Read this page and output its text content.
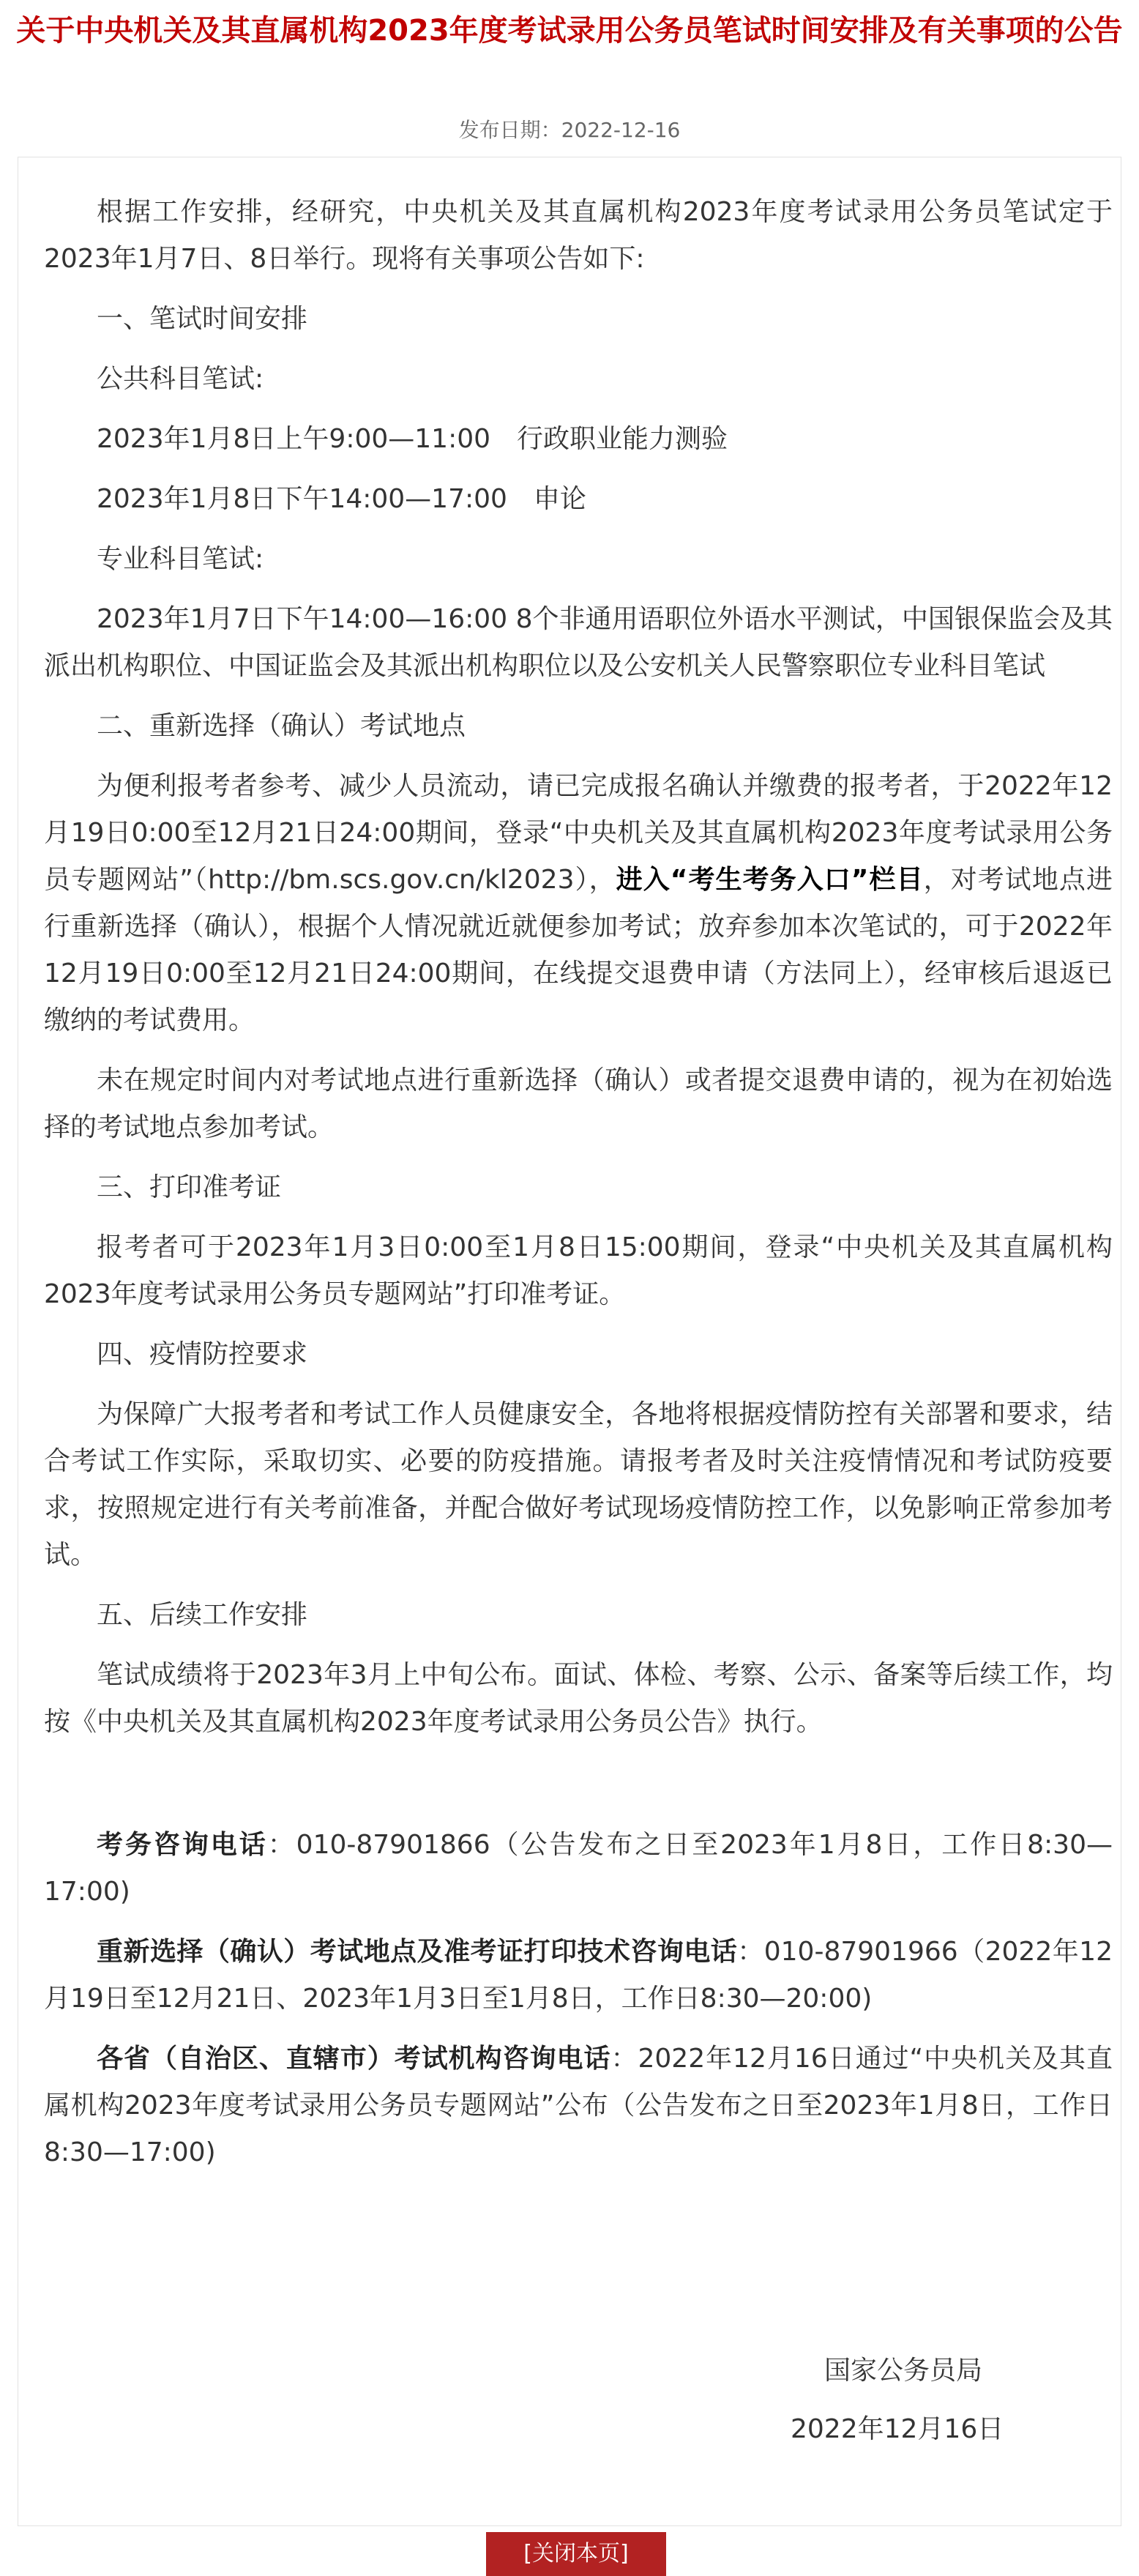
关于中央机关及其直属机构2023年度考试录用公务员笔试时间安排及有关事项的公告
发布日期：2022-12-16

根据工作安排，经研究，中央机关及其直属机构2023年度考试录用公务员笔试定于2023年1月7日、8日举行。现将有关事项公告如下:

一、笔试时间安排

公共科目笔试:

2023年1月8日上午9:00—11:00　行政职业能力测验

2023年1月8日下午14:00—17:00　申论

专业科目笔试:

2023年1月7日下午14:00—16:00 8个非通用语职位外语水平测试，中国银保监会及其派出机构职位、中国证监会及其派出机构职位以及公安机关人民警察职位专业科目笔试

二、重新选择（确认）考试地点

为便利报考者参考、减少人员流动，请已完成报名确认并缴费的报考者，于2022年12月19日0:00至12月21日24:00期间，登录“中央机关及其直属机构2023年度考试录用公务员专题网站”（http://bm.scs.gov.cn/kl2023），进入“考生考务入口”栏目，对考试地点进行重新选择（确认），根据个人情况就近就便参加考试；放弃参加本次笔试的，可于2022年12月19日0:00至12月21日24:00期间，在线提交退费申请（方法同上），经审核后退返已缴纳的考试费用。

未在规定时间内对考试地点进行重新选择（确认）或者提交退费申请的，视为在初始选择的考试地点参加考试。

三、打印准考证

报考者可于2023年1月3日0:00至1月8日15:00期间，登录“中央机关及其直属机构2023年度考试录用公务员专题网站”打印准考证。

四、疫情防控要求

为保障广大报考者和考试工作人员健康安全，各地将根据疫情防控有关部署和要求，结合考试工作实际，采取切实、必要的防疫措施。请报考者及时关注疫情情况和考试防疫要求，按照规定进行有关考前准备，并配合做好考试现场疫情防控工作，以免影响正常参加考试。

五、后续工作安排

笔试成绩将于2023年3月上中旬公布。面试、体检、考察、公示、备案等后续工作，均按《中央机关及其直属机构2023年度考试录用公务员公告》执行。

考务咨询电话：010-87901866（公告发布之日至2023年1月8日，工作日8:30—17:00)

重新选择（确认）考试地点及准考证打印技术咨询电话：010-87901966（2022年12月19日至12月21日、2023年1月3日至1月8日，工作日8:30—20:00)

各省（自治区、直辖市）考试机构咨询电话：2022年12月16日通过“中央机关及其直属机构2023年度考试录用公务员专题网站”公布（公告发布之日至2023年1月8日，工作日8:30—17:00)

国家公务员局
2022年12月16日
[关闭本页]
